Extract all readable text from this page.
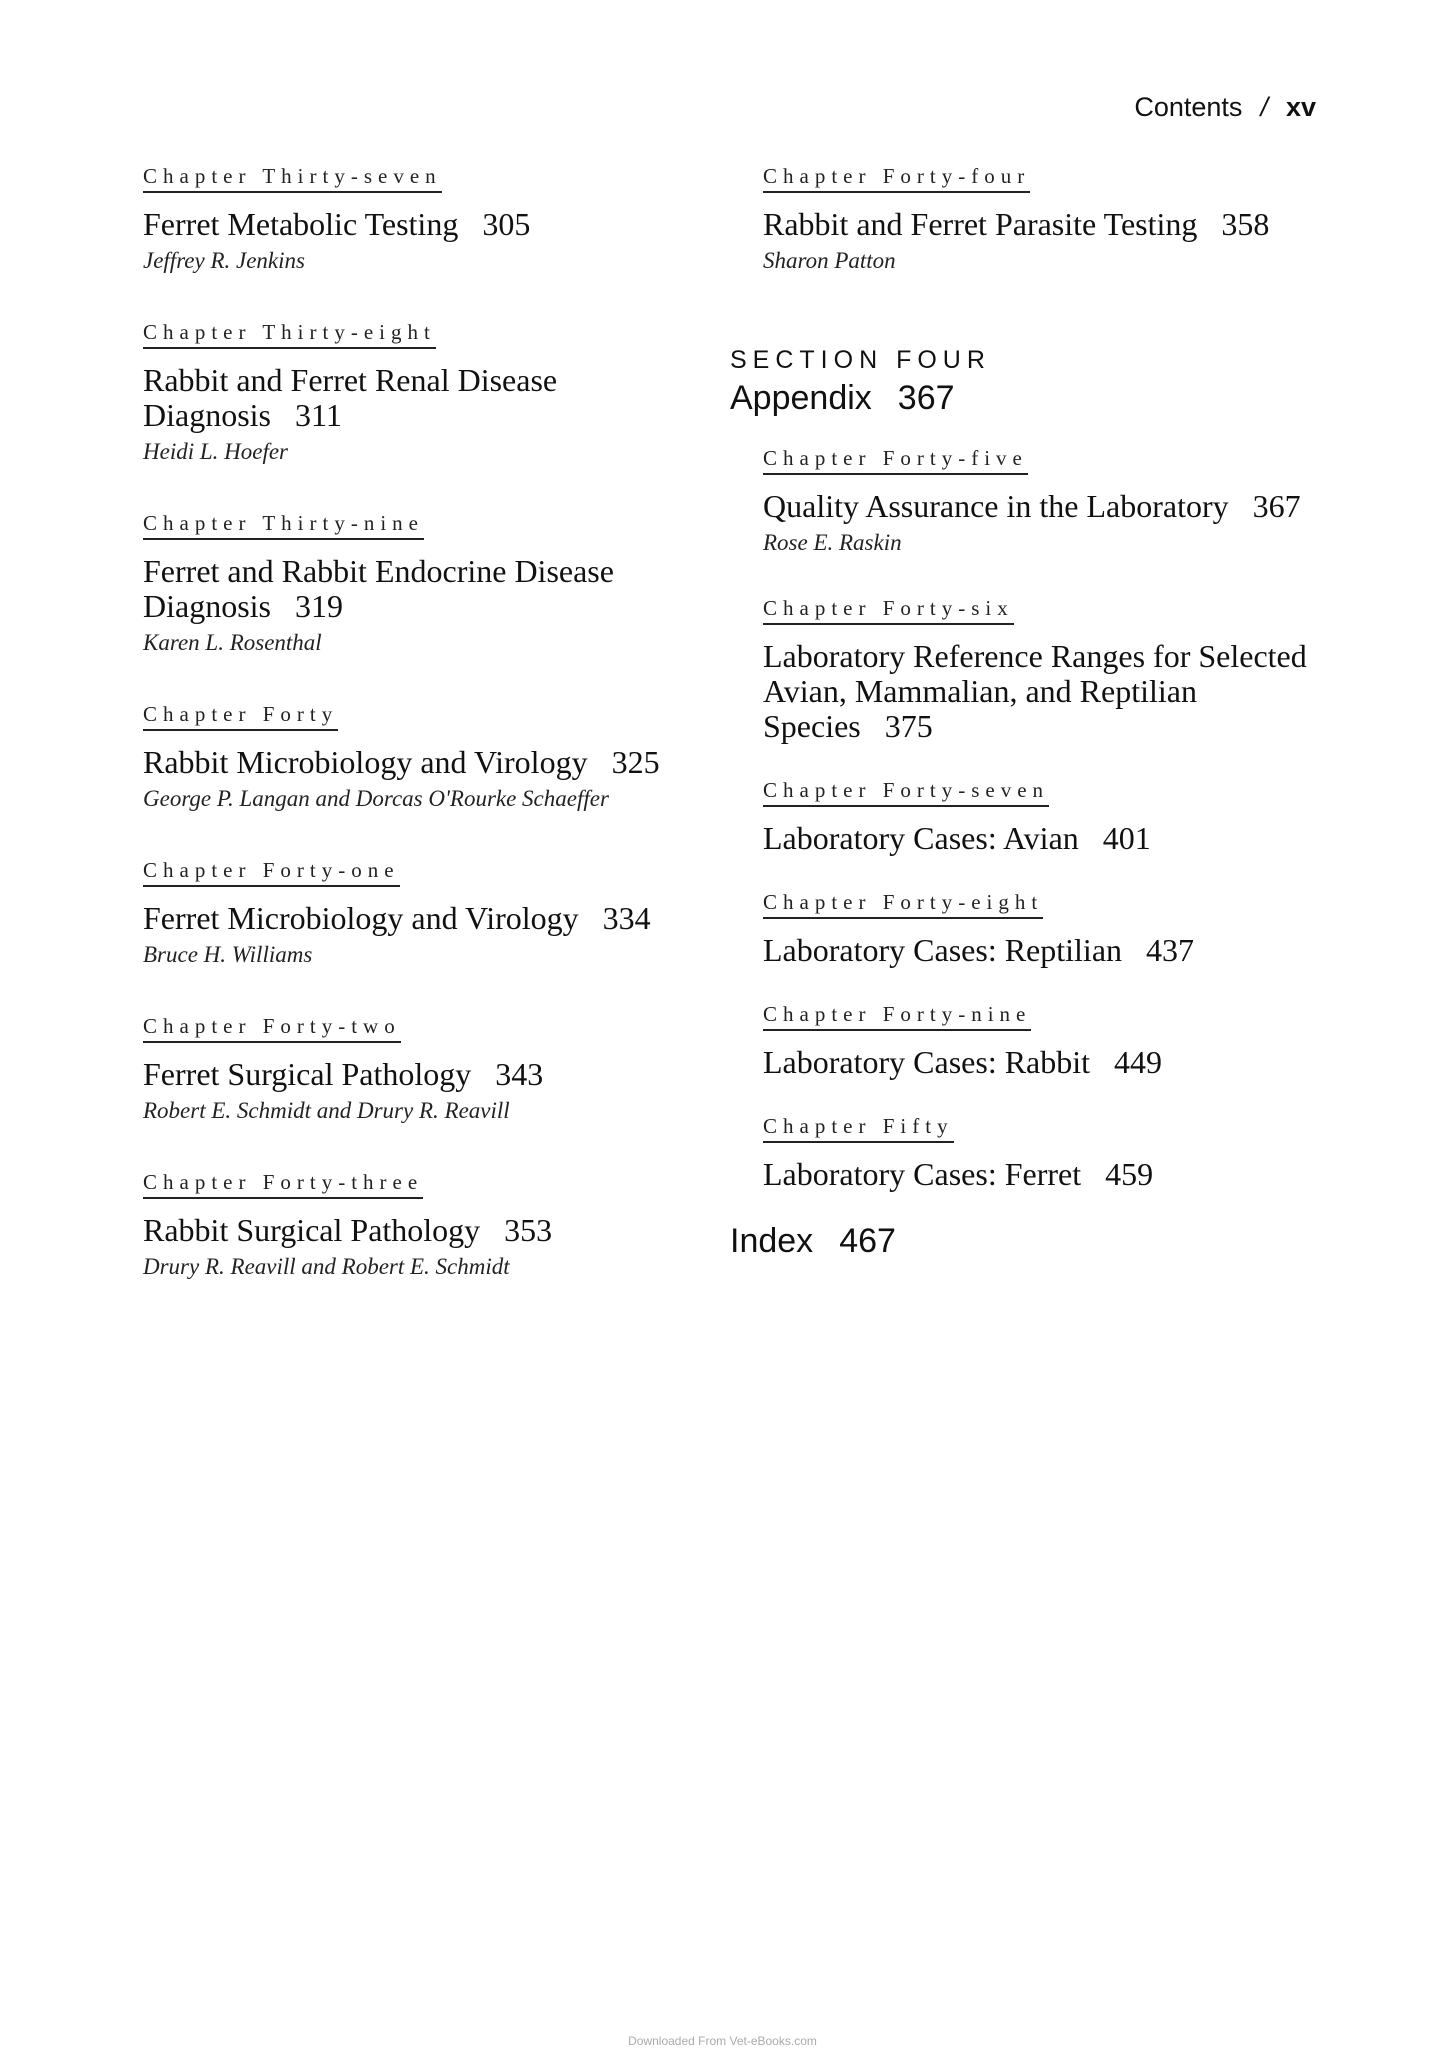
Contents / xv
Chapter Thirty-seven
Ferret Metabolic Testing 305
Jeffrey R. Jenkins
Chapter Thirty-eight
Rabbit and Ferret Renal Disease Diagnosis 311
Heidi L. Hoefer
Chapter Thirty-nine
Ferret and Rabbit Endocrine Disease Diagnosis 319
Karen L. Rosenthal
Chapter Forty
Rabbit Microbiology and Virology 325
George P. Langan and Dorcas O'Rourke Schaeffer
Chapter Forty-one
Ferret Microbiology and Virology 334
Bruce H. Williams
Chapter Forty-two
Ferret Surgical Pathology 343
Robert E. Schmidt and Drury R. Reavill
Chapter Forty-three
Rabbit Surgical Pathology 353
Drury R. Reavill and Robert E. Schmidt
Chapter Forty-four
Rabbit and Ferret Parasite Testing 358
Sharon Patton
SECTION FOUR
Appendix 367
Chapter Forty-five
Quality Assurance in the Laboratory 367
Rose E. Raskin
Chapter Forty-six
Laboratory Reference Ranges for Selected Avian, Mammalian, and Reptilian Species 375
Chapter Forty-seven
Laboratory Cases: Avian 401
Chapter Forty-eight
Laboratory Cases: Reptilian 437
Chapter Forty-nine
Laboratory Cases: Rabbit 449
Chapter Fifty
Laboratory Cases: Ferret 459
Index 467
Downloaded From Vet-eBooks.com
